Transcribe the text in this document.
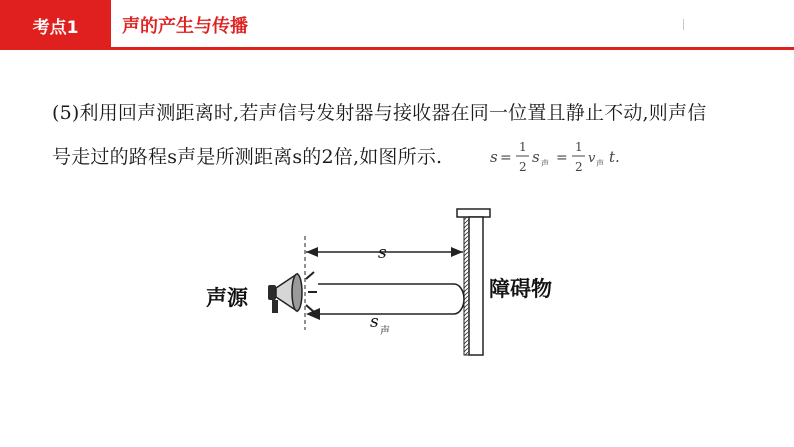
考点1	声的产生与传播
(5)利用回声测距离时,若声信号发射器与接收器在同一位置且静止不动,则声信
号走过的路程s声是所测距离s的2倍,如图所示.	s =
1
2
s 声 =
1
2
v 声 t.
s
障碍物
s 声
声源
